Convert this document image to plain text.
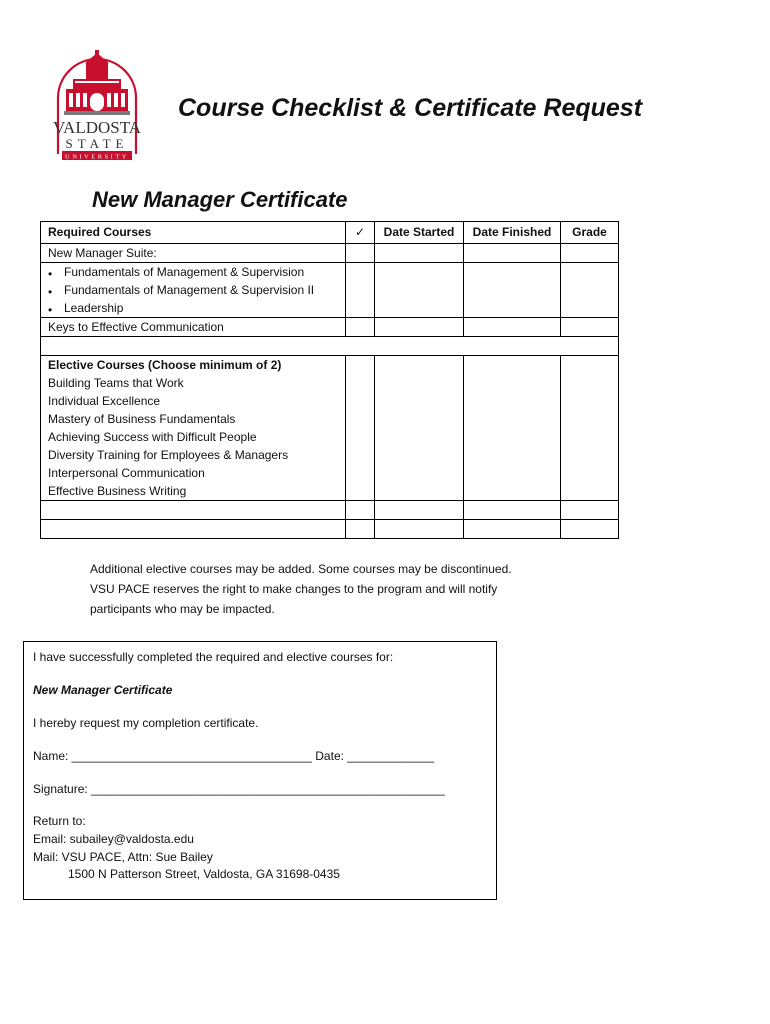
VALDOSTA
STATE
UNIVERSITY
Course Checklist & Certificate Request
New Manager Certificate
Required Courses	✓	Date Started	Date Finished	Grade
New Manager Suite:				
• Fundamentals of Management & Supervision				
• Fundamentals of Management & Supervision II				
• Leadership				
Keys to Effective Communication				

Elective Courses (Choose minimum of 2)				
Building Teams that Work				
Individual Excellence				
Mastery of Business Fundamentals				
Achieving Success with Difficult People				
Diversity Training for Employees & Managers				
Interpersonal Communication				
Effective Business Writing				

Additional elective courses may be added. Some courses may be discontinued.
VSU PACE reserves the right to make changes to the program and will notify
participants who may be impacted.
I have successfully completed the required and elective courses for:
New Manager Certificate
I hereby request my completion certificate.
Name: ____________________________________ Date: _____________
Signature: _____________________________________________________
Return to:
Email: subailey@valdosta.edu
Mail: VSU PACE, Attn: Sue Bailey
1500 N Patterson Street, Valdosta, GA 31698-0435
